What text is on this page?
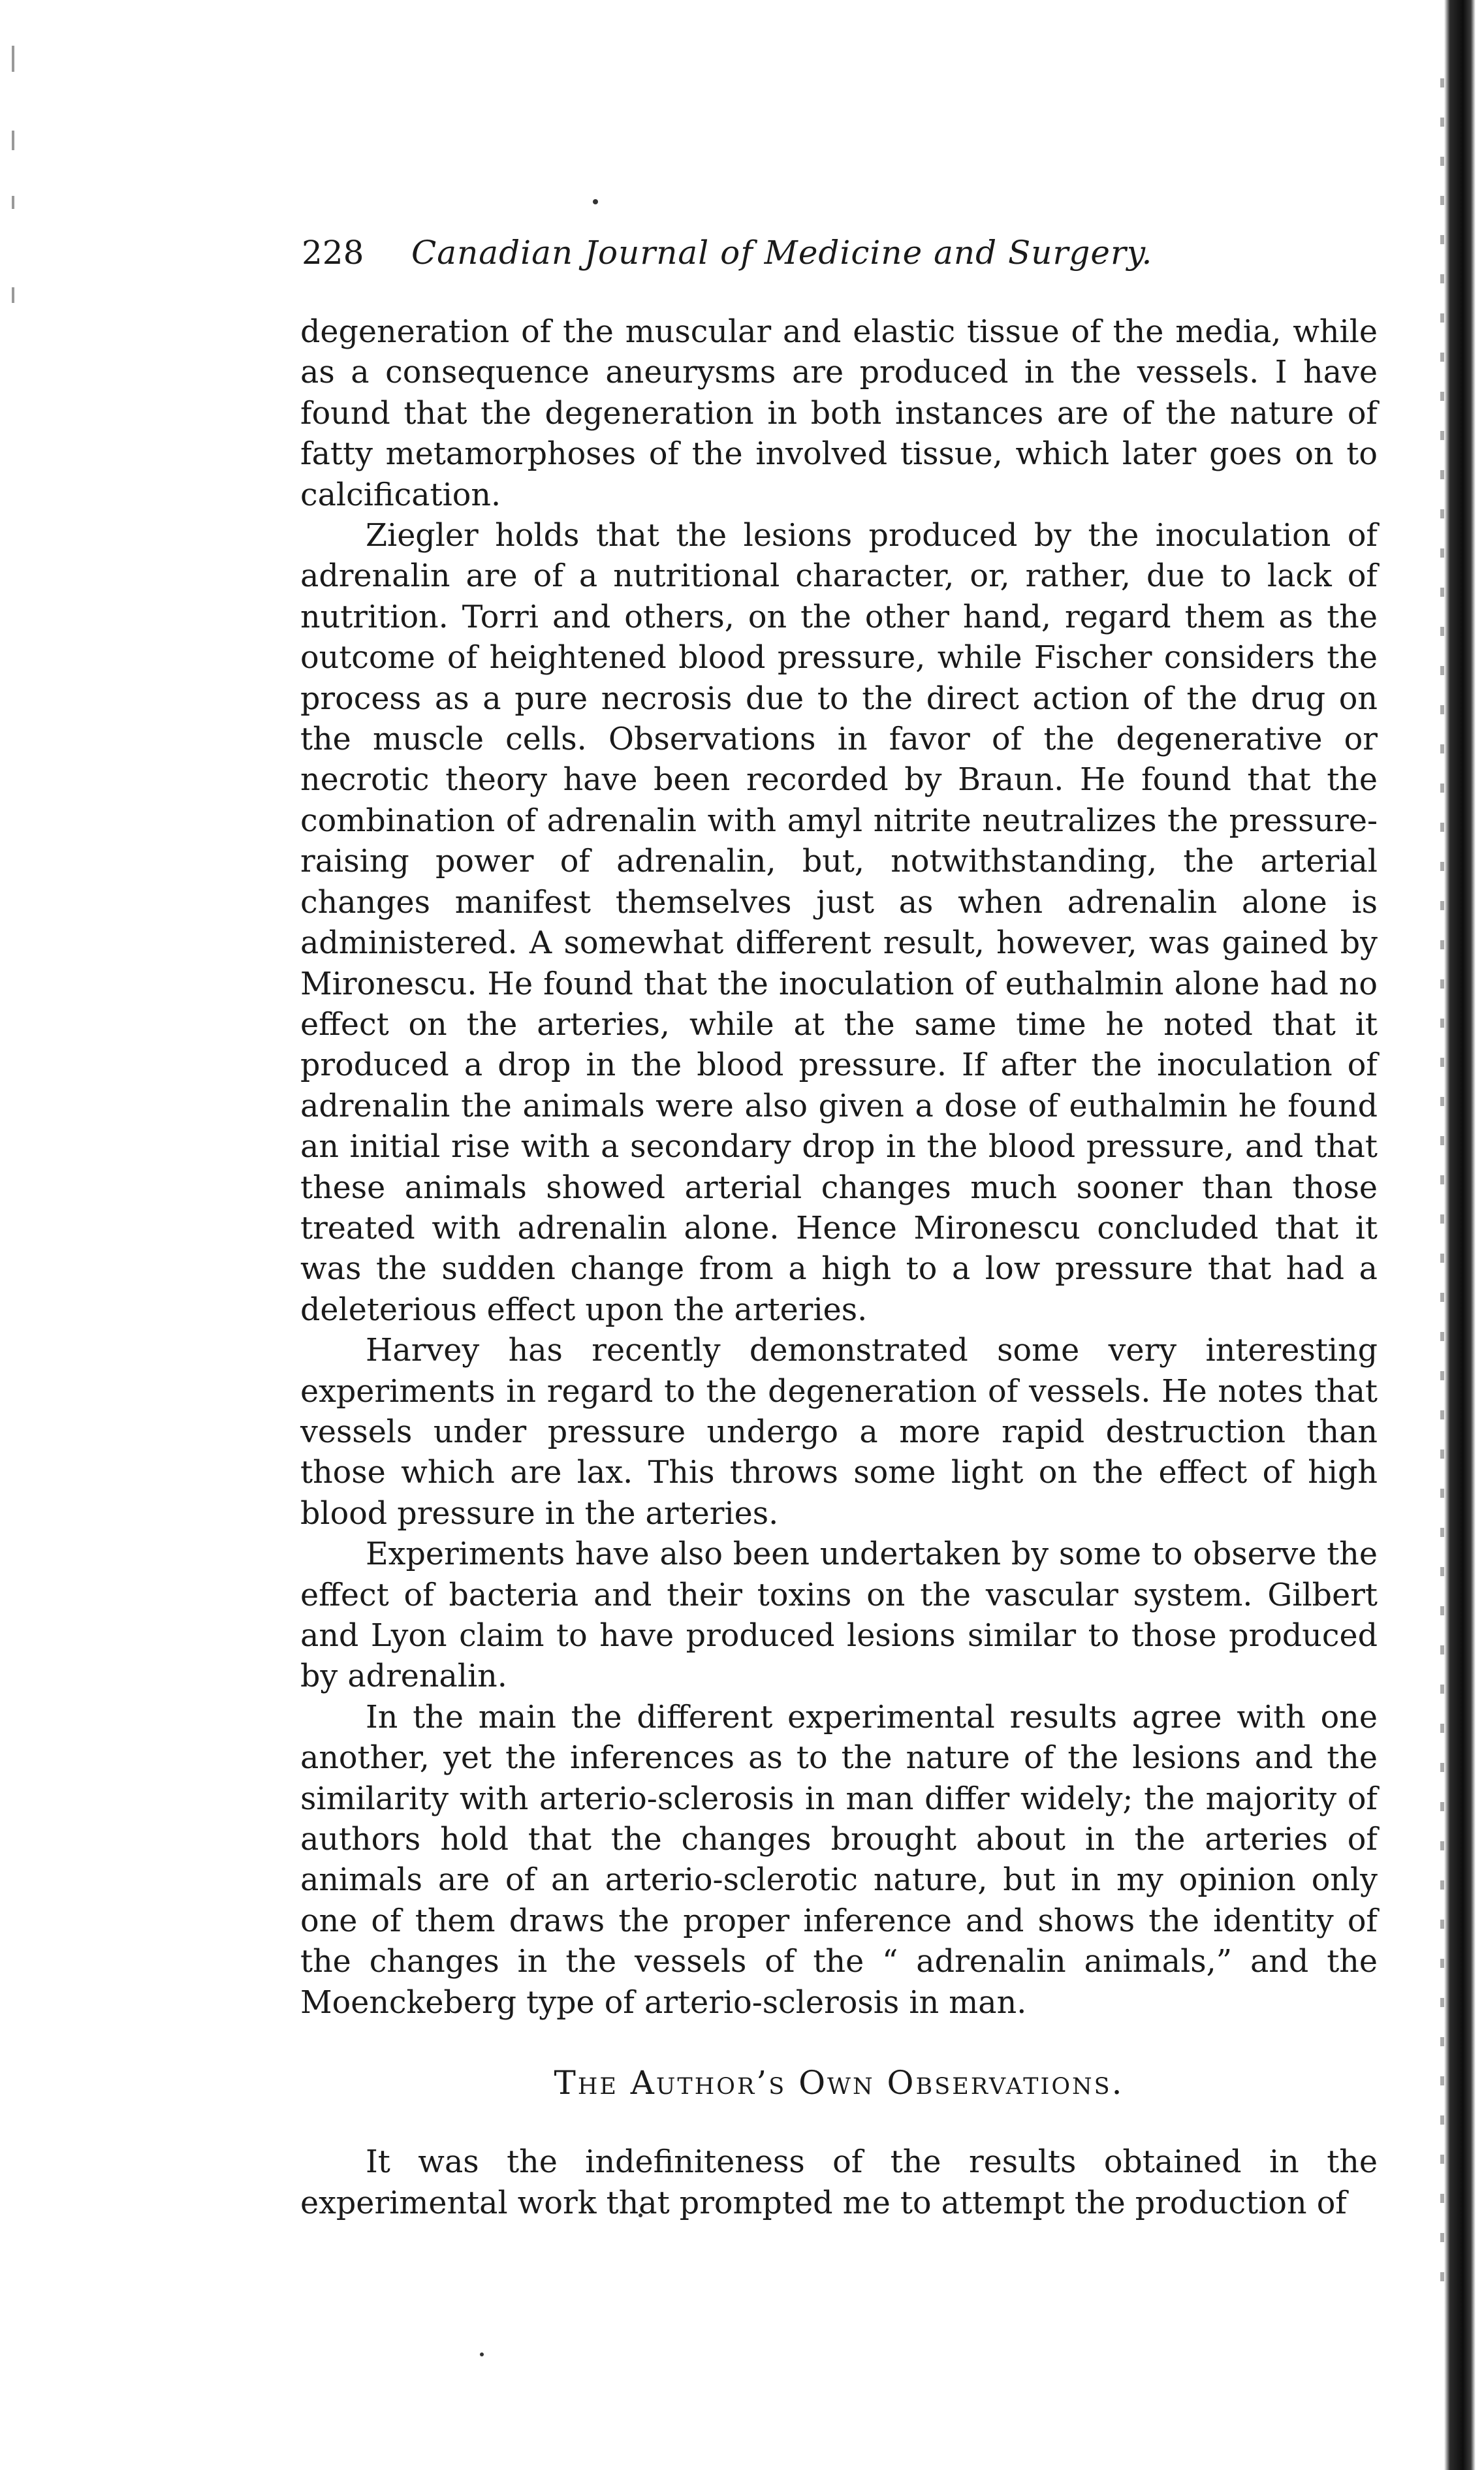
228 Canadian Journal of Medicine and Surgery.

degeneration of the muscular and elastic tissue of the media, while as a consequence aneurysms are produced in the vessels. I have found that the degeneration in both instances are of the nature of fatty metamorphoses of the involved tissue, which later goes on to calcification.

Ziegler holds that the lesions produced by the inoculation of adrenalin are of a nutritional character, or, rather, due to lack of nutrition. Torri and others, on the other hand, regard them as the outcome of heightened blood pressure, while Fischer considers the process as a pure necrosis due to the direct action of the drug on the muscle cells. Observations in favor of the degenerative or necrotic theory have been recorded by Braun. He found that the combination of adrenalin with amyl nitrite neutralizes the pressure-raising power of adrenalin, but, notwithstanding, the arterial changes manifest themselves just as when adrenalin alone is administered. A somewhat different result, however, was gained by Mironescu. He found that the inoculation of euthalmin alone had no effect on the arteries, while at the same time he noted that it produced a drop in the blood pressure. If after the inoculation of adrenalin the animals were also given a dose of euthalmin he found an initial rise with a secondary drop in the blood pressure, and that these animals showed arterial changes much sooner than those treated with adrenalin alone. Hence Mironescu concluded that it was the sudden change from a high to a low pressure that had a deleterious effect upon the arteries.

Harvey has recently demonstrated some very interesting experiments in regard to the degeneration of vessels. He notes that vessels under pressure undergo a more rapid destruction than those which are lax. This throws some light on the effect of high blood pressure in the arteries.

Experiments have also been undertaken by some to observe the effect of bacteria and their toxins on the vascular system. Gilbert and Lyon claim to have produced lesions similar to those produced by adrenalin.

In the main the different experimental results agree with one another, yet the inferences as to the nature of the lesions and the similarity with arterio-sclerosis in man differ widely; the majority of authors hold that the changes brought about in the arteries of animals are of an arterio-sclerotic nature, but in my opinion only one of them draws the proper inference and shows the identity of the changes in the vessels of the “ adrenalin animals,” and the Moenckeberg type of arterio-sclerosis in man.

The Author’s Own Observations.

It was the indefiniteness of the results obtained in the experimental work that prompted me to attempt the production of
